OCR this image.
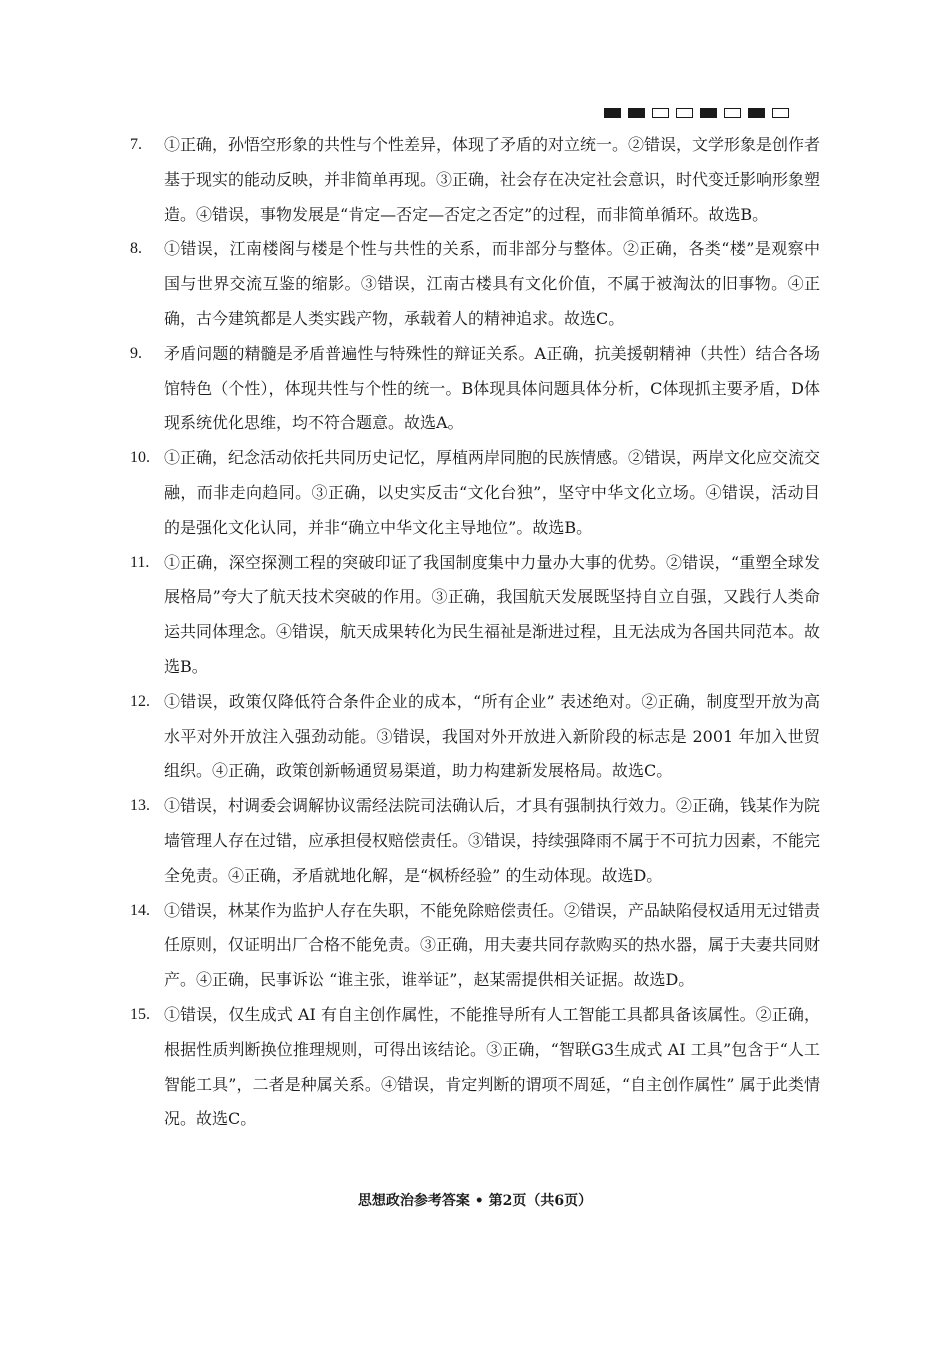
7.	①正确，孙悟空形象的共性与个性差异，体现了矛盾的对立统一。②错误，文学形象是创作者基于现实的能动反映，并非简单再现。③正确，社会存在决定社会意识，时代变迁影响形象塑造。④错误，事物发展是“肯定—否定—否定之否定”的过程，而非简单循环。故选B。
8.	①错误，江南楼阁与楼是个性与共性的关系，而非部分与整体。②正确，各类“楼”是观察中国与世界交流互鉴的缩影。③错误，江南古楼具有文化价值，不属于被淘汰的旧事物。④正确，古今建筑都是人类实践产物，承载着人的精神追求。故选C。
9.	矛盾问题的精髓是矛盾普遍性与特殊性的辩证关系。A正确，抗美援朝精神（共性）结合各场馆特色（个性），体现共性与个性的统一。B体现具体问题具体分析，C体现抓主要矛盾，D体现系统优化思维，均不符合题意。故选A。
10. ①正确，纪念活动依托共同历史记忆，厚植两岸同胞的民族情感。②错误，两岸文化应交流交融，而非走向趋同。③正确，以史实反击“文化台独”，坚守中华文化立场。④错误，活动目的是强化文化认同，并非“确立中华文化主导地位”。故选B。
11. ①正确，深空探测工程的突破印证了我国制度集中力量办大事的优势。②错误，“重塑全球发展格局”夸大了航天技术突破的作用。③正确，我国航天发展既坚持自立自强，又践行人类命运共同体理念。④错误，航天成果转化为民生福祉是渐进过程，且无法成为各国共同范本。故选B。
12. ①错误，政策仅降低符合条件企业的成本，“所有企业” 表述绝对。②正确，制度型开放为高水平对外开放注入强劲动能。③错误，我国对外开放进入新阶段的标志是 2001 年加入世贸组织。④正确，政策创新畅通贸易渠道，助力构建新发展格局。故选C。
13. ①错误，村调委会调解协议需经法院司法确认后，才具有强制执行效力。②正确，钱某作为院墙管理人存在过错，应承担侵权赔偿责任。③错误，持续强降雨不属于不可抗力因素，不能完全免责。④正确，矛盾就地化解，是“枫桥经验” 的生动体现。故选D。
14. ①错误，林某作为监护人存在失职，不能免除赔偿责任。②错误，产品缺陷侵权适用无过错责任原则，仅证明出厂合格不能免责。③正确，用夫妻共同存款购买的热水器，属于夫妻共同财产。④正确，民事诉讼 “谁主张，谁举证”，赵某需提供相关证据。故选D。
15. ①错误，仅生成式 AI 有自主创作属性，不能推导所有人工智能工具都具备该属性。②正确，根据性质判断换位推理规则，可得出该结论。③正确，“智联G3生成式 AI 工具”包含于“人工智能工具”，二者是种属关系。④错误，肯定判断的谓项不周延，“自主创作属性” 属于此类情况。故选C。
思想政治参考答案 • 第2页（共6页）
